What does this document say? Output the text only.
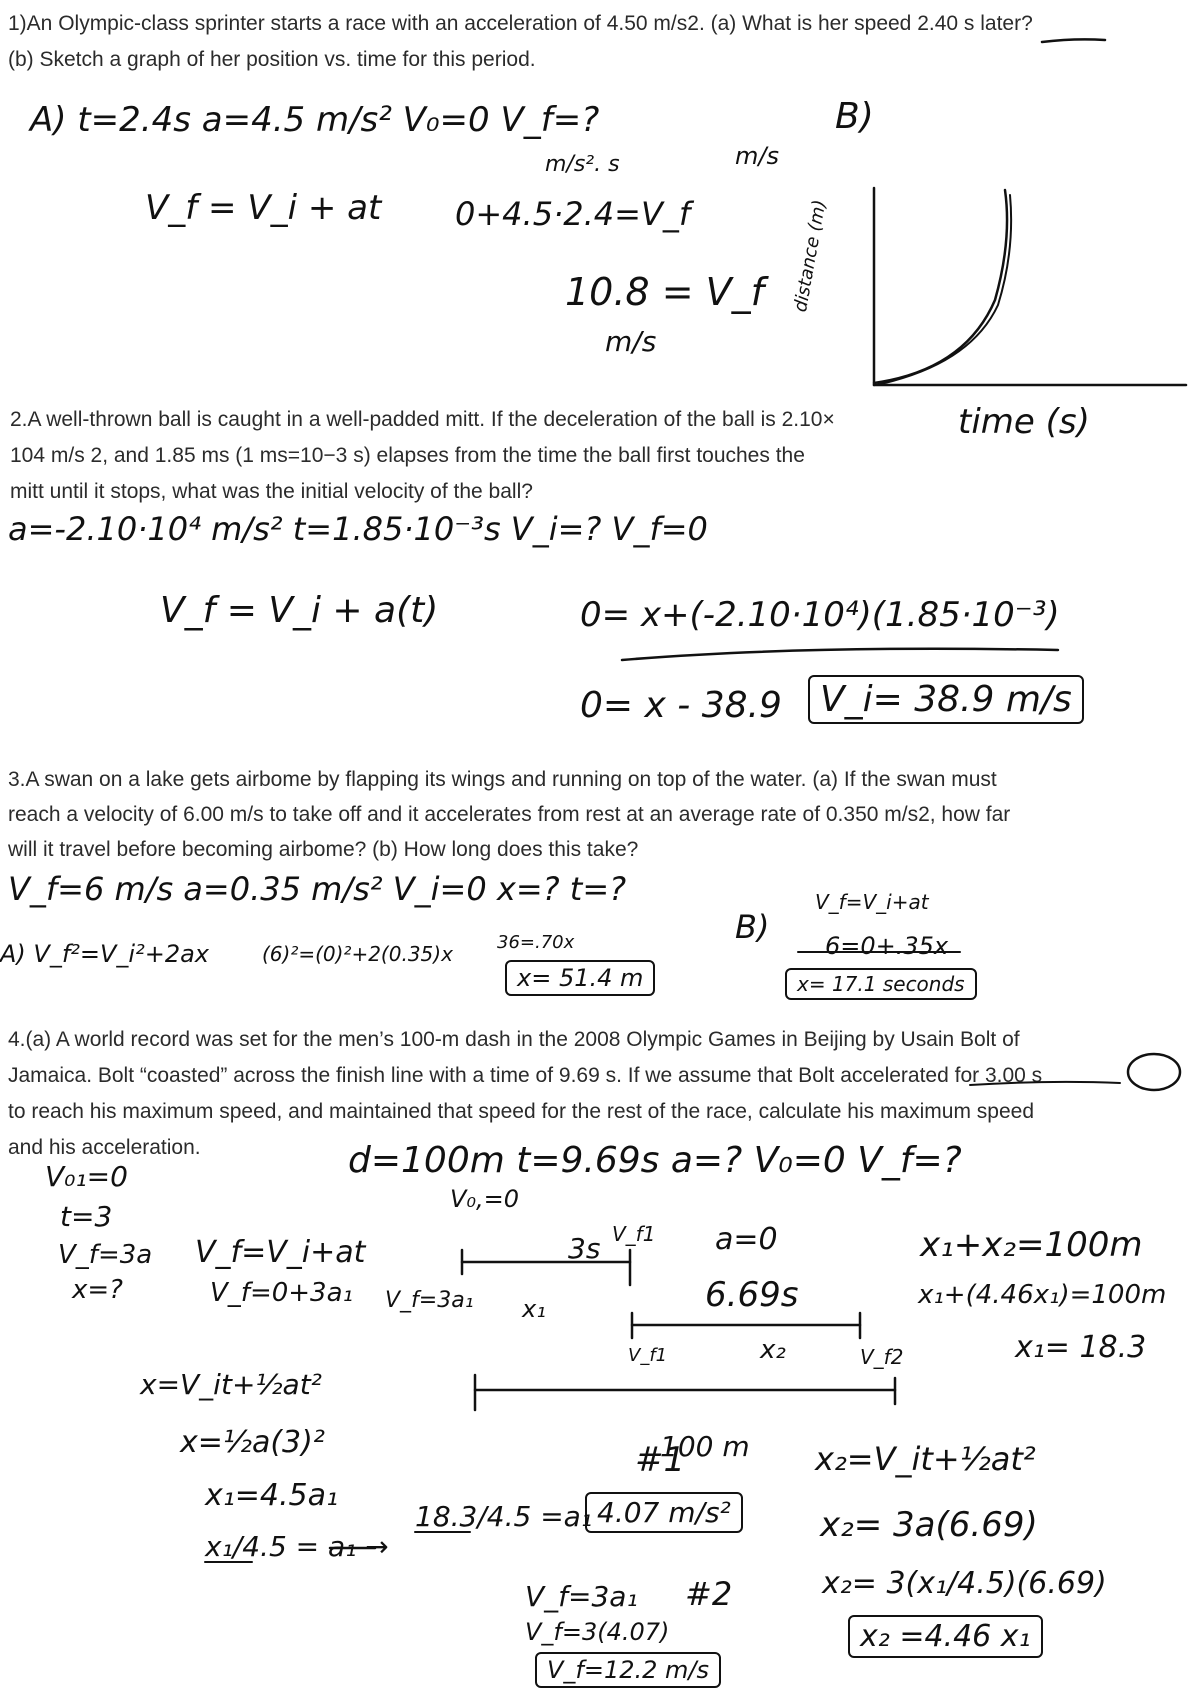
1)An Olympic-class sprinter starts a race with an acceleration of 4.50 m/s2. (a) What is her speed 2.40 s later?
(b) Sketch a graph of her position vs. time for this period.
2.A well-thrown ball is caught in a well-padded mitt. If the deceleration of the ball is 2.10×
104 m/s 2, and 1.85 ms (1 ms=10−3 s) elapses from the time the ball first touches the
mitt until it stops, what was the initial velocity of the ball?
3.A swan on a lake gets airbome by flapping its wings and running on top of the water. (a) If the swan must
reach a velocity of 6.00 m/s to take off and it accelerates from rest at an average rate of 0.350 m/s2, how far
will it travel before becoming airbome? (b) How long does this take?
4.(a) A world record was set for the men’s 100-m dash in the 2008 Olympic Games in Beijing by Usain Bolt of
Jamaica. Bolt “coasted” across the finish line with a time of 9.69 s. If we assume that Bolt accelerated for 3.00 s
to reach his maximum speed, and maintained that speed for the rest of the race, calculate his maximum speed
and his acceleration.
A) t=2.4s a=4.5 m/s² V₀=0 V_f=?
m/s². s	m/s
B)
V_f = V_i + at 0+4.5·2.4=V_f
10.8 = V_f
m/s
distance (m)
time (s)
a=-2.10·10⁴ m/s² t=1.85·10⁻³s V_i=? V_f=0
V_f = V_i + a(t)	0= x+(-2.10·10⁴)(1.85·10⁻³)
0= x - 38.9	V_i= 38.9 m/s
V_f=6 m/s a=0.35 m/s² V_i=0 x=? t=?
A) V_f²=V_i²+2ax	(6)²=(0)²+2(0.35)x 36=.70x
x= 51.4 m
B)
V_f=V_i+at
6=0+.35x
x= 17.1 seconds
d=100m t=9.69s a=? V₀=0 V_f=?
V₀₁=0
t=3
V_f=3a
x=?
V_f=V_i+at
V_f=0+3a₁ V_f=3a₁
V₀,=0
3s V_f1 a=0
x₁	6.69s
V_f1	x₂	V_f2
100 m
x₁+x₂=100m
x₁+(4.46x₁)=100m
x₁= 18.3
x=V_it+½at²
x=½a(3)²
x₁=4.5a₁
x₁/4.5 = a₁ →
18.3/4.5 =a₁ 4.07 m/s²
#1
#2
V_f=3a₁
V_f=3(4.07)
V_f=12.2 m/s
x₂=V_it+½at²
x₂= 3a(6.69)
x₂= 3(x₁/4.5)(6.69)
x₂ =4.46 x₁
